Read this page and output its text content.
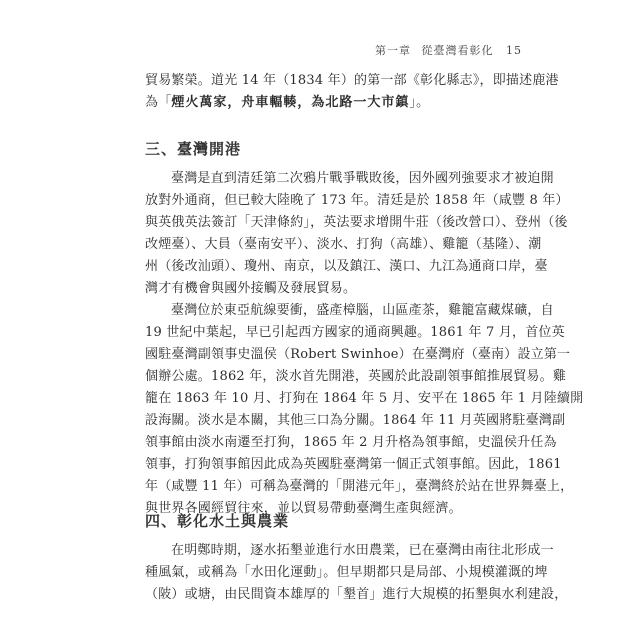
第一章 從臺灣看彰化 15

貿易繁榮。道光 14 年（1834 年）的第一部《彰化縣志》，即描述鹿港
為「煙火萬家，舟車輻輳，為北路一大市鎮」。

三、臺灣開港

臺灣是直到清廷第二次鴉片戰爭戰敗後，因外國列強要求才被迫開
放對外通商，但已較大陸晚了 173 年。清廷是於 1858 年（咸豐 8 年）
與英俄英法簽訂「天津條約」，英法要求增開牛莊（後改營口）、登州（後
改煙臺）、大員（臺南安平）、淡水、打狗（高雄）、雞籠（基隆）、潮
州（後改汕頭）、瓊州、南京，以及鎮江、漢口、九江為通商口岸，臺
灣才有機會與國外接觸及發展貿易。

臺灣位於東亞航線要衝，盛產樟腦，山區產茶，雞籠富藏煤礦，自
19 世紀中葉起，早已引起西方國家的通商興趣。1861 年 7 月，首位英
國駐臺灣副領事史溫侯（Robert Swinhoe）在臺灣府（臺南）設立第一
個辦公處。1862 年，淡水首先開港，英國於此設副領事館推展貿易。雞
籠在 1863 年 10 月、打狗在 1864 年 5 月、安平在 1865 年 1 月陸續開
設海關。淡水是本關，其他三口為分關。1864 年 11 月英國將駐臺灣副
領事館由淡水南遷至打狗，1865 年 2 月升格為領事館，史溫侯升任為
領事，打狗領事館因此成為英國駐臺灣第一個正式領事館。因此，1861
年（咸豐 11 年）可稱為臺灣的「開港元年」，臺灣終於站在世界舞臺上，
與世界各國經貿往來，並以貿易帶動臺灣生產與經濟。

四、彰化水土與農業

在明鄭時期，逐水拓墾並進行水田農業，已在臺灣由南往北形成一
種風氣，或稱為「水田化運動」。但早期都只是局部、小規模灌溉的埤
（陂）或塘，由民間資本雄厚的「墾首」進行大規模的拓墾與水利建設，
